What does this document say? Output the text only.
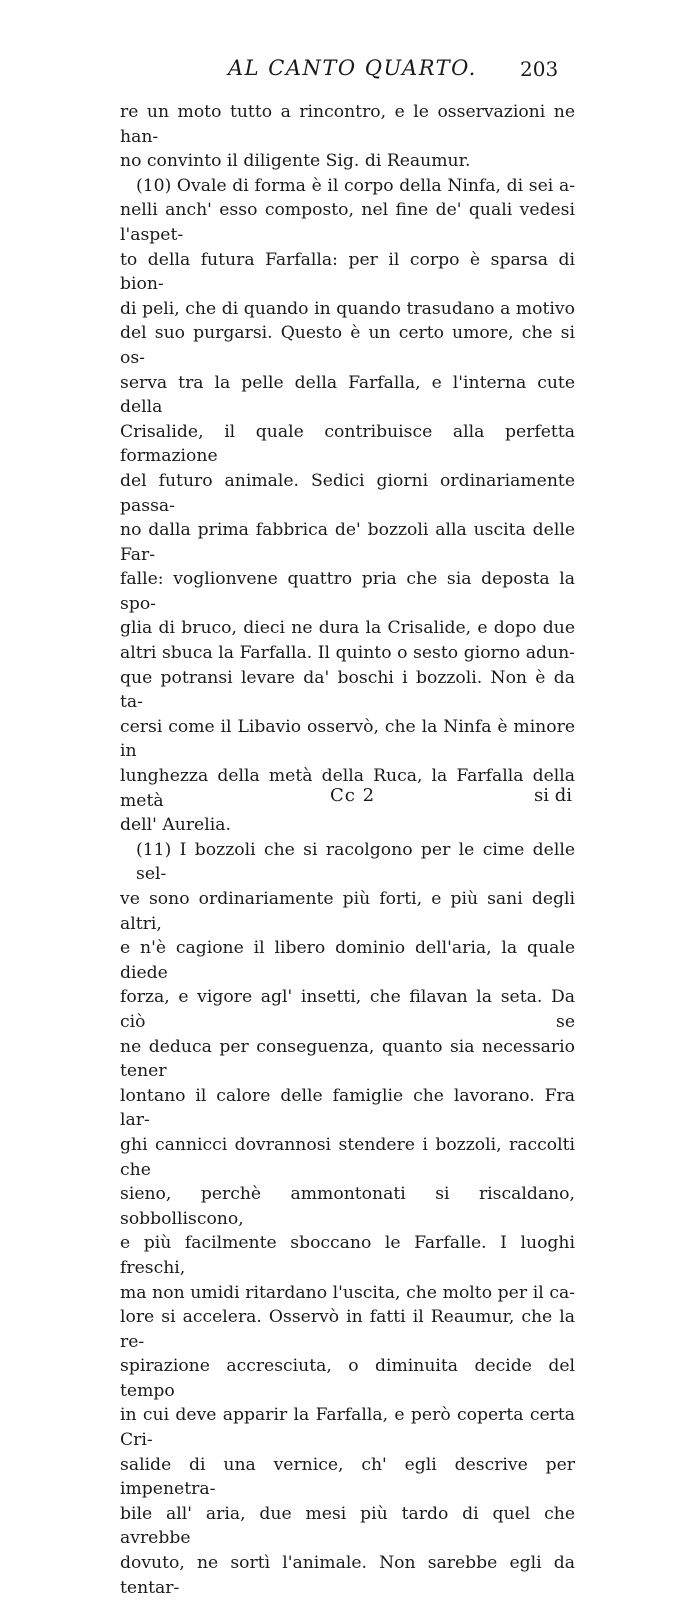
AL CANTO QUARTO. 203
re un moto tutto a rincontro, e le osservazioni ne han-
no convinto il diligente Sig. di Reaumur.
(10) Ovale di forma è il corpo della Ninfa, di sei a-
nelli anch' esso composto, nel fine de' quali vedesi l'aspet-
to della futura Farfalla: per il corpo è sparsa di bion-
di peli, che di quando in quando trasudano a motivo
del suo purgarsi. Questo è un certo umore, che si os-
serva tra la pelle della Farfalla, e l'interna cute della
Crisalide, il quale contribuisce alla perfetta formazione
del futuro animale. Sedici giorni ordinariamente passa-
no dalla prima fabbrica de' bozzoli alla uscita delle Far-
falle: voglionvene quattro pria che sia deposta la spo-
glia di bruco, dieci ne dura la Crisalide, e dopo due
altri sbuca la Farfalla. Il quinto o sesto giorno adun-
que potransi levare da' boschi i bozzoli. Non è da ta-
cersi come il Libavio osservò, che la Ninfa è minore in
lunghezza della metà della Ruca, la Farfalla della metà
dell' Aurelia.
(11) I bozzoli che si racolgono per le cime delle sel-
ve sono ordinariamente più forti, e più sani degli altri,
e n'è cagione il libero dominio dell'aria, la quale diede
forza, e vigore agl' insetti, che filavan la seta. Da ciò se
ne deduca per conseguenza, quanto sia necessario tener
lontano il calore delle famiglie che lavorano. Fra lar-
ghi cannicci dovrannosi stendere i bozzoli, raccolti che
sieno, perchè ammontonati si riscaldano, sobbolliscono,
e più facilmente sboccano le Farfalle. I luoghi freschi,
ma non umidi ritardano l'uscita, che molto per il ca-
lore si accelera. Osservò in fatti il Reaumur, che la re-
spirazione accresciuta, o diminuita decide del tempo
in cui deve apparir la Farfalla, e però coperta certa Cri-
salide di una vernice, ch' egli descrive per impenetra-
bile all' aria, due mesi più tardo di quel che avrebbe
dovuto, ne sortì l'animale. Non sarebbe egli da tentar-
Cc 2	si di
